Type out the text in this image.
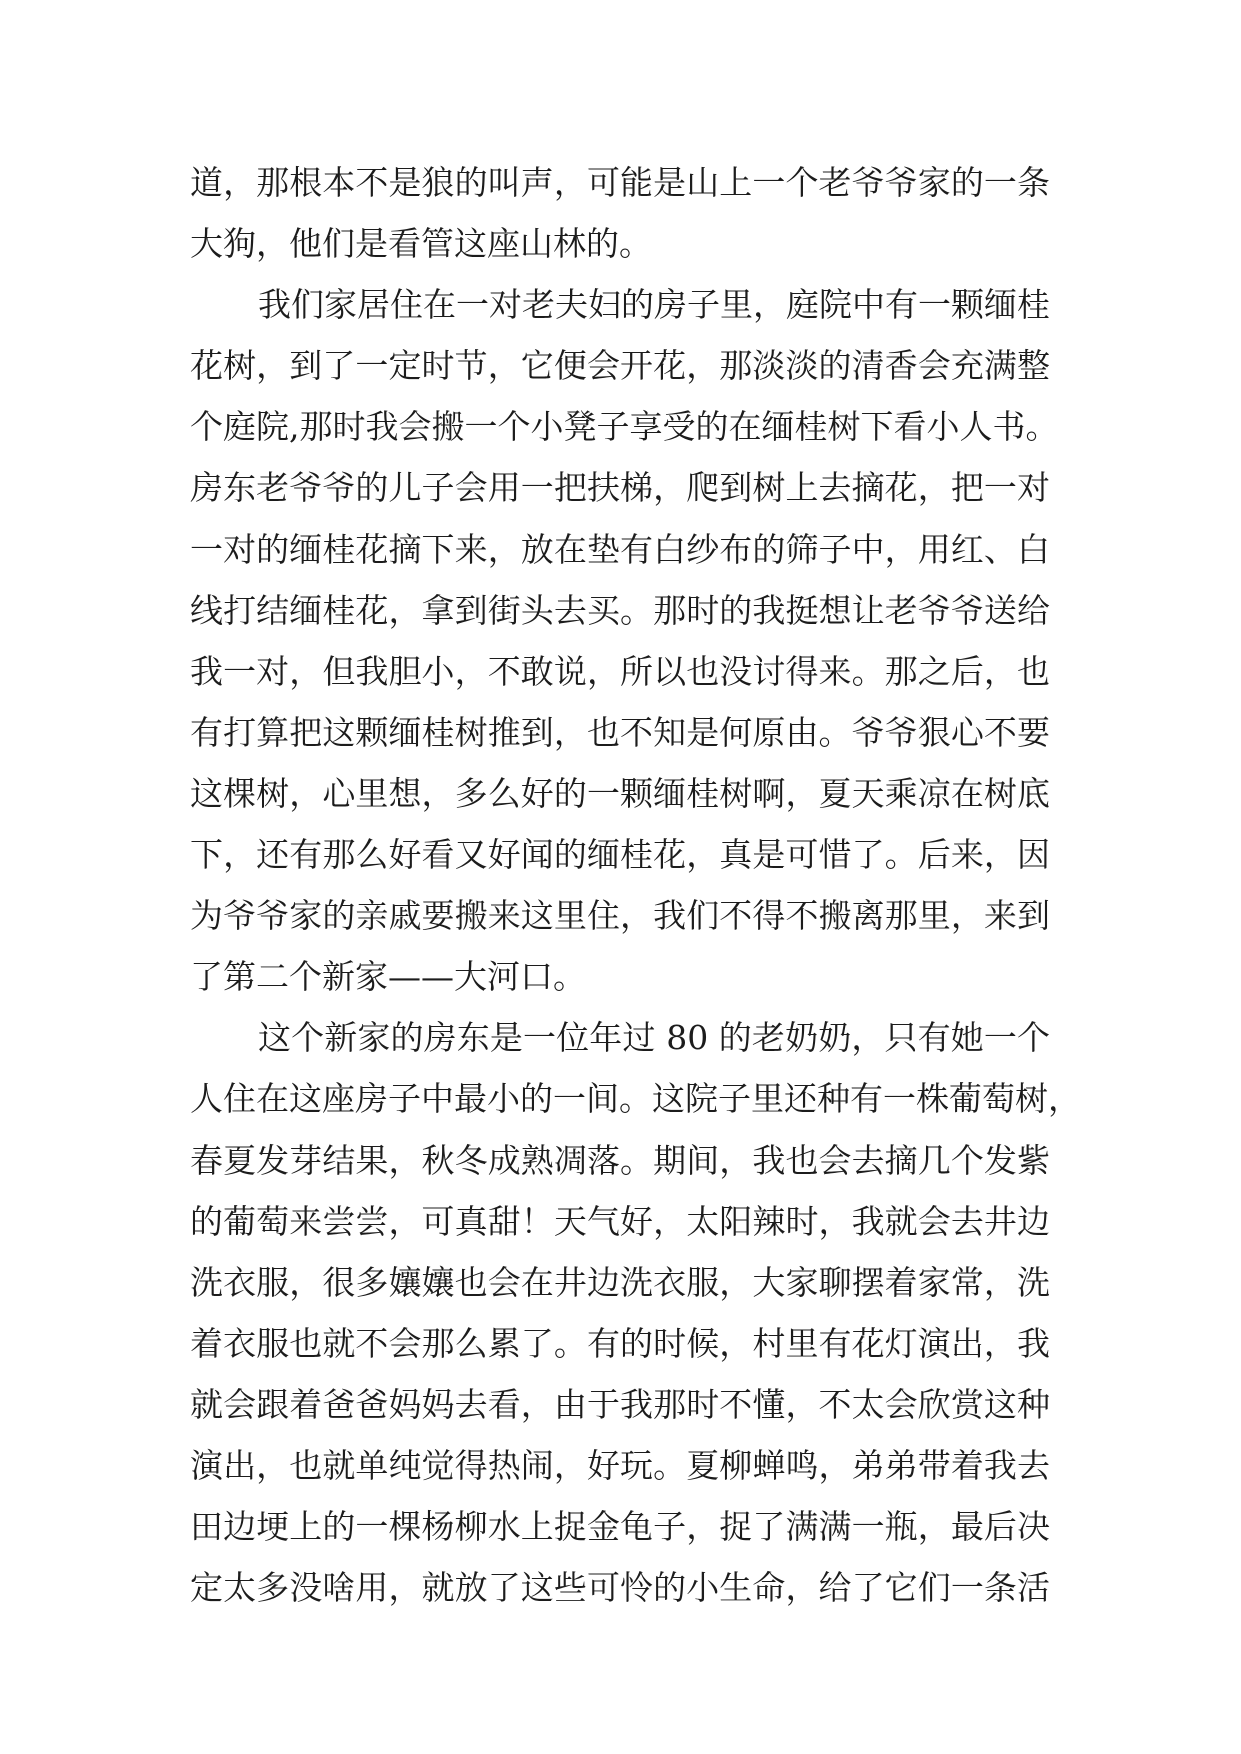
道，那根本不是狼的叫声，可能是山上一个老爷爷家的一条
大狗，他们是看管这座山林的。
我们家居住在一对老夫妇的房子里，庭院中有一颗缅桂
花树，到了一定时节，它便会开花，那淡淡的清香会充满整
个庭院,那时我会搬一个小凳子享受的在缅桂树下看小人书。
房东老爷爷的儿子会用一把扶梯，爬到树上去摘花，把一对
一对的缅桂花摘下来，放在垫有白纱布的筛子中，用红、白
线打结缅桂花，拿到街头去买。那时的我挺想让老爷爷送给
我一对，但我胆小，不敢说，所以也没讨得来。那之后，也
有打算把这颗缅桂树推到，也不知是何原由。爷爷狠心不要
这棵树，心里想，多么好的一颗缅桂树啊，夏天乘凉在树底
下，还有那么好看又好闻的缅桂花，真是可惜了。后来，因
为爷爷家的亲戚要搬来这里住，我们不得不搬离那里，来到
了第二个新家——大河口。
这个新家的房东是一位年过 80 的老奶奶，只有她一个
人住在这座房子中最小的一间。这院子里还种有一株葡萄树，
春夏发芽结果，秋冬成熟凋落。期间，我也会去摘几个发紫
的葡萄来尝尝，可真甜！天气好，太阳辣时，我就会去井边
洗衣服，很多孃孃也会在井边洗衣服，大家聊摆着家常，洗
着衣服也就不会那么累了。有的时候，村里有花灯演出，我
就会跟着爸爸妈妈去看，由于我那时不懂，不太会欣赏这种
演出，也就单纯觉得热闹，好玩。夏柳蝉鸣，弟弟带着我去
田边埂上的一棵杨柳水上捉金龟子，捉了满满一瓶，最后决
定太多没啥用，就放了这些可怜的小生命，给了它们一条活
